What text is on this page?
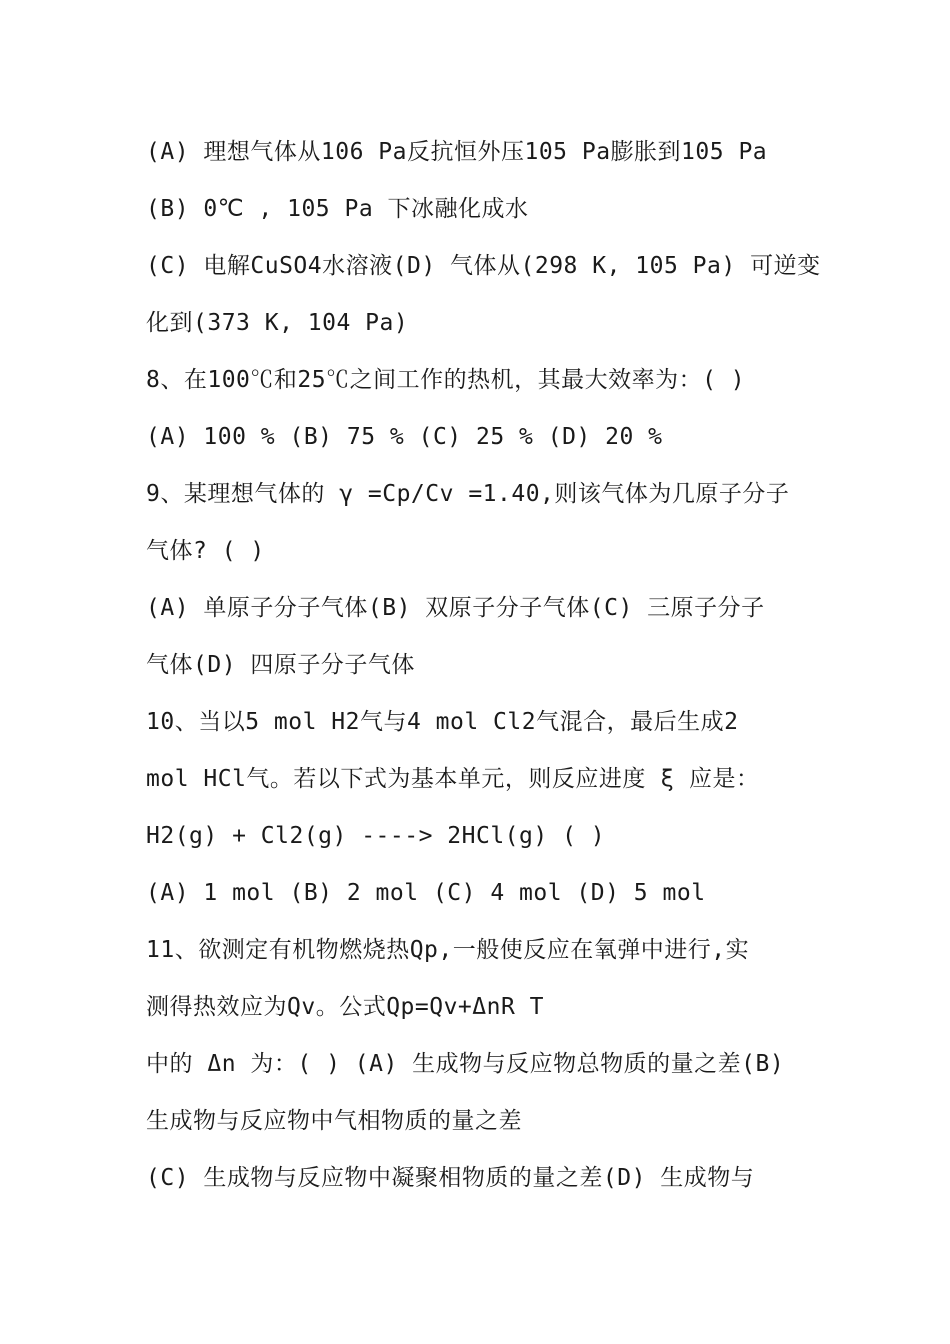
(A) 理想气体从106 Pa反抗恒外压105 Pa膨胀到105 Pa
(B) 0℃ , 105 Pa 下冰融化成水
(C) 电解CuSO4水溶液(D) 气体从(298 K, 105 Pa) 可逆变
化到(373 K, 104 Pa)
8、在100℃和25℃之间工作的热机，其最大效率为：( )
(A) 100 % (B) 75 % (C) 25 % (D) 20 %
9、某理想气体的 γ =Cp/Cv =1.40,则该气体为几原子分子
气体? ( )
(A) 单原子分子气体(B) 双原子分子气体(C) 三原子分子
气体(D) 四原子分子气体
10、当以5 mol H2气与4 mol Cl2气混合，最后生成2
mol HCl气。若以下式为基本单元，则反应进度 ξ 应是：
H2(g) + Cl2(g) ----> 2HCl(g) ( )
(A) 1 mol (B) 2 mol (C) 4 mol (D) 5 mol
11、欲测定有机物燃烧热Qp,一般使反应在氧弹中进行,实
测得热效应为Qv。公式Qp=Qv+ΔnR T
中的 Δn 为：( ) (A) 生成物与反应物总物质的量之差(B)
生成物与反应物中气相物质的量之差
(C) 生成物与反应物中凝聚相物质的量之差(D) 生成物与
